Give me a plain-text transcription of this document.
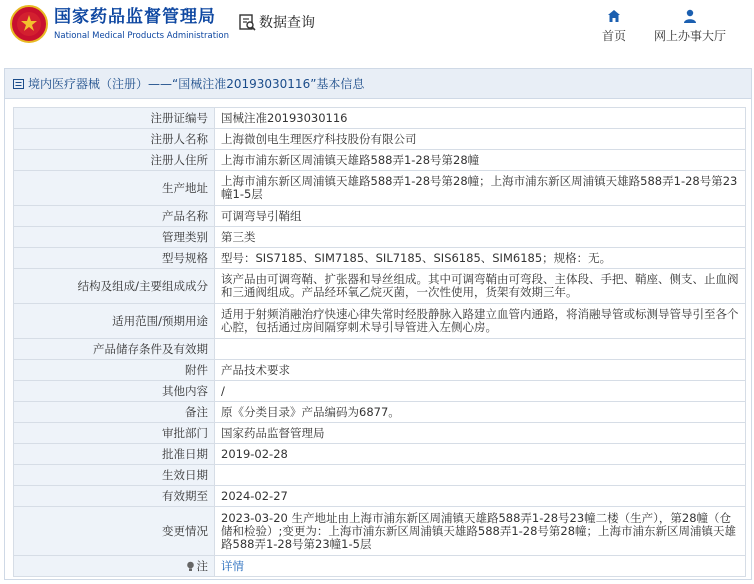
国家药品监督管理局
National Medical Products Administration
数据查询
首页 网上办事大厅
境内医疗器械（注册）——“国械注准20193030116”基本信息
注册证编号	国械注准20193030116
注册人名称	上海微创电生理医疗科技股份有限公司
注册人住所	上海市浦东新区周浦镇天雄路588弄1-28号第28幢
生产地址	上海市浦东新区周浦镇天雄路588弄1-28号第28幢；上海市浦东新区周浦镇天雄路588弄1-28号第23幢1-5层
产品名称	可调弯导引鞘组
管理类别	第三类
型号规格	型号：SIS7185、SIM7185、SIL7185、SIS6185、SIM6185；规格：无。
结构及组成/主要组成成分	该产品由可调弯鞘、扩张器和导丝组成。其中可调弯鞘由可弯段、主体段、手把、鞘座、侧支、止血阀和三通阀组成。产品经环氧乙烷灭菌，一次性使用，货架有效期三年。
适用范围/预期用途	适用于射频消融治疗快速心律失常时经股静脉入路建立血管内通路，将消融导管或标测导管导引至各个心腔，包括通过房间隔穿刺术导引导管进入左侧心房。
产品储存条件及有效期	
附件	产品技术要求
其他内容	/
备注	原《分类目录》产品编码为6877。
审批部门	国家药品监督管理局
批准日期	2019-02-28
生效日期	
有效期至	2024-02-27
变更情况	2023-03-20 生产地址由上海市浦东新区周浦镇天雄路588弄1-28号23幢二楼（生产），第28幢（仓储和检验）;变更为：上海市浦东新区周浦镇天雄路588弄1-28号第28幢；上海市浦东新区周浦镇天雄路588弄1-28号第23幢1-5层
注	详情
